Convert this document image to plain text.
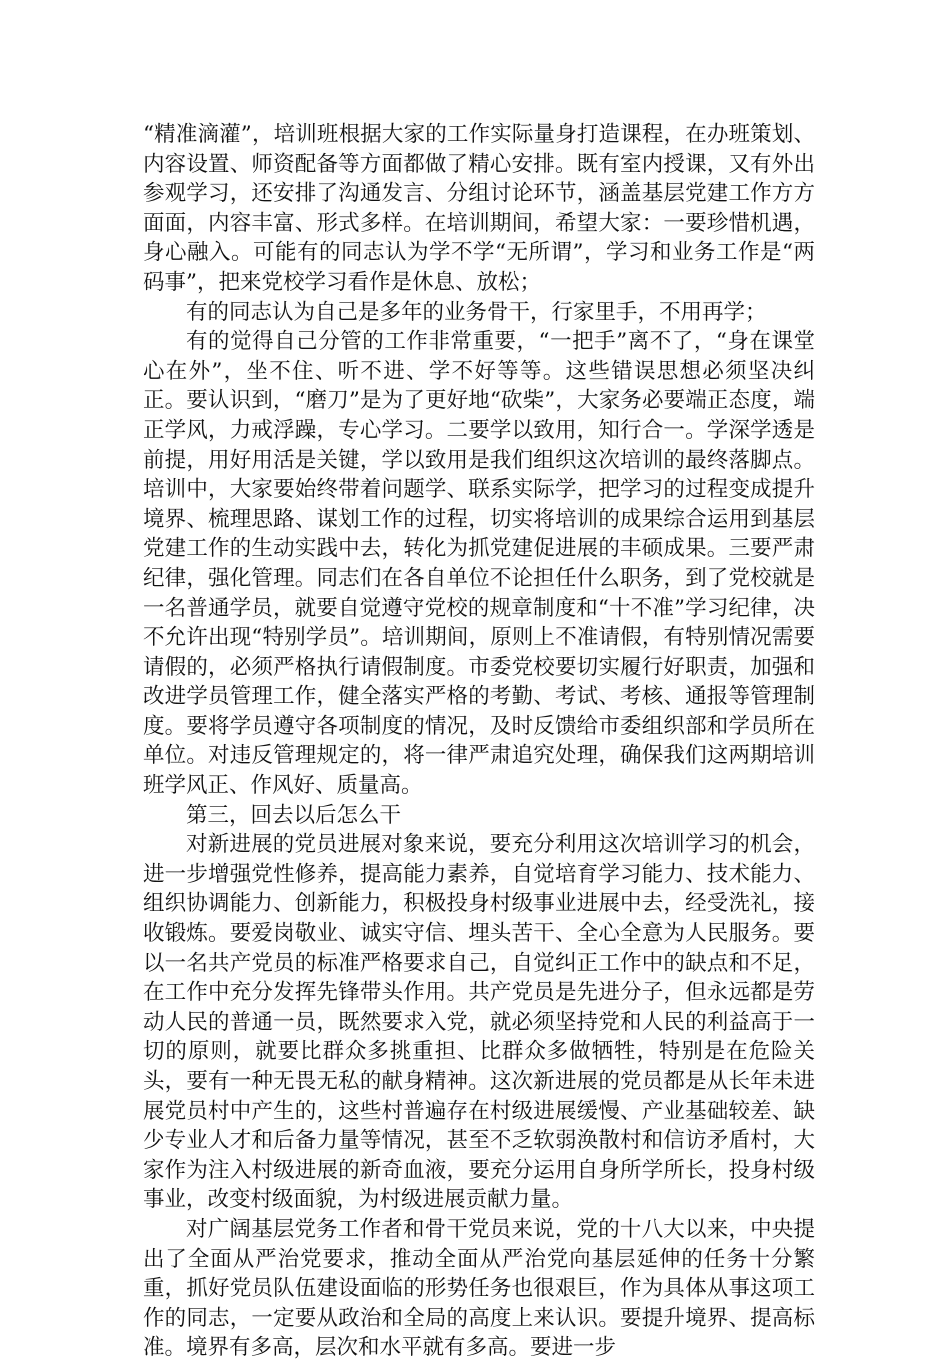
“精准滴灌”，培训班根据大家的工作实际量身打造课程，在办班策划、内容设置、师资配备等方面都做了精心安排。既有室内授课，又有外出参观学习，还安排了沟通发言、分组讨论环节，涵盖基层党建工作方方面面，内容丰富、形式多样。在培训期间，希望大家：一要珍惜机遇，身心融入。可能有的同志认为学不学“无所谓”，学习和业务工作是“两码事”，把来党校学习看作是休息、放松；

有的同志认为自己是多年的业务骨干，行家里手，不用再学；

有的觉得自己分管的工作非常重要，“一把手”离不了，“身在课堂心在外”，坐不住、听不进、学不好等等。这些错误思想必须坚决纠正。要认识到，“磨刀”是为了更好地“砍柴”，大家务必要端正态度，端正学风，力戒浮躁，专心学习。二要学以致用，知行合一。学深学透是前提，用好用活是关键，学以致用是我们组织这次培训的最终落脚点。培训中，大家要始终带着问题学、联系实际学，把学习的过程变成提升境界、梳理思路、谋划工作的过程，切实将培训的成果综合运用到基层党建工作的生动实践中去，转化为抓党建促进展的丰硕成果。三要严肃纪律，强化管理。同志们在各自单位不论担任什么职务，到了党校就是一名普通学员，就要自觉遵守党校的规章制度和“十不准”学习纪律，决不允许出现“特别学员”。培训期间，原则上不准请假，有特别情况需要请假的，必须严格执行请假制度。市委党校要切实履行好职责，加强和改进学员管理工作，健全落实严格的考勤、考试、考核、通报等管理制度。要将学员遵守各项制度的情况，及时反馈给市委组织部和学员所在单位。对违反管理规定的，将一律严肃追究处理，确保我们这两期培训班学风正、作风好、质量高。

第三，回去以后怎么干

对新进展的党员进展对象来说，要充分利用这次培训学习的机会，进一步增强党性修养，提高能力素养，自觉培育学习能力、技术能力、组织协调能力、创新能力，积极投身村级事业进展中去，经受洗礼，接收锻炼。要爱岗敬业、诚实守信、埋头苦干、全心全意为人民服务。要以一名共产党员的标准严格要求自己，自觉纠正工作中的缺点和不足，在工作中充分发挥先锋带头作用。共产党员是先进分子，但永远都是劳动人民的普通一员，既然要求入党，就必须坚持党和人民的利益高于一切的原则，就要比群众多挑重担、比群众多做牺牲，特别是在危险关头，要有一种无畏无私的献身精神。这次新进展的党员都是从长年未进展党员村中产生的，这些村普遍存在村级进展缓慢、产业基础较差、缺少专业人才和后备力量等情况，甚至不乏软弱涣散村和信访矛盾村，大家作为注入村级进展的新奇血液，要充分运用自身所学所长，投身村级事业，改变村级面貌，为村级进展贡献力量。

对广阔基层党务工作者和骨干党员来说，党的十八大以来，中央提出了全面从严治党要求，推动全面从严治党向基层延伸的任务十分繁重，抓好党员队伍建设面临的形势任务也很艰巨，作为具体从事这项工作的同志，一定要从政治和全局的高度上来认识。要提升境界、提高标准。境界有多高，层次和水平就有多高。要进一步
